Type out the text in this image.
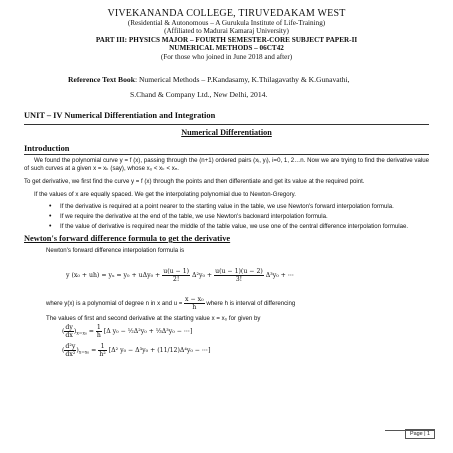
VIVEKANANDA COLLEGE, TIRUVEDAKAM WEST
(Residential & Autonomous – A Gurukula Institute of Life-Training)
(Affiliated to Madurai Kamaraj University)
PART III: PHYSICS MAJOR – FOURTH SEMESTER-CORE SUBJECT PAPER-II
NUMERICAL METHODS – 06CT42
(For those who joined in June 2018 and after)
Reference Text Book: Numerical Methods – P.Kandasamy, K.Thilagavathy & K.Gunavathi,
S.Chand & Company Ltd., New Delhi, 2014.
UNIT – IV Numerical Differentiation and Integration
Numerical Differentiation
Introduction
We found the polynomial curve y = f (x), passing through the (n+1) ordered pairs (xᵢ, yᵢ), i=0, 1, 2…n. Now we are trying to find the derivative value of such curves at a given x = xₖ (say), whose x₀ < xₖ < xₙ.
To get derivative, we first find the curve y = f (x) through the points and then differentiate and get its value at the required point.
If the values of x are equally spaced. We get the interpolating polynomial due to Newton-Gregory.
• If the derivative is required at a point nearer to the starting value in the table, we use Newton's forward interpolation formula.
• If we require the derivative at the end of the table, we use Newton's backward interpolation formula.
• If the value of derivative is required near the middle of the table value, we use one of the central difference interpolation formulae.
Newton's forward difference formula to get the derivative
Newton's forward difference interpolation formula is
y (x₀ + uh) = yᵤ = $y_0 + u\Delta y_0 + \frac{u(u - 1)}{2!} \Delta^2y_0 + \frac{u(u - 1)(u - 2)}{3!} \Delta^3y_0$ + ⋯
where y(x) is a polynomial of degree n in x and $u = \frac{\text{x − x₀}}{h}$ where h is interval of differencing
The values of first and second derivative at the starting value x = x₀ for given by
( $\frac{dy}{dx} )_{x=x_0} = \frac{1}{h} [\Delta$ y₀ − ½Δ²y₀ + ⅓Δ³y₀ − ⋯]
( $\frac{\text{d²y}}{\text{dx²}} )_{x=x_0} = \frac{1}{\text{h²}} [\Delta^2$ y₀ − Δ³y₀ + (11/12)Δ⁴y₀ − ⋯]
Page | 1
